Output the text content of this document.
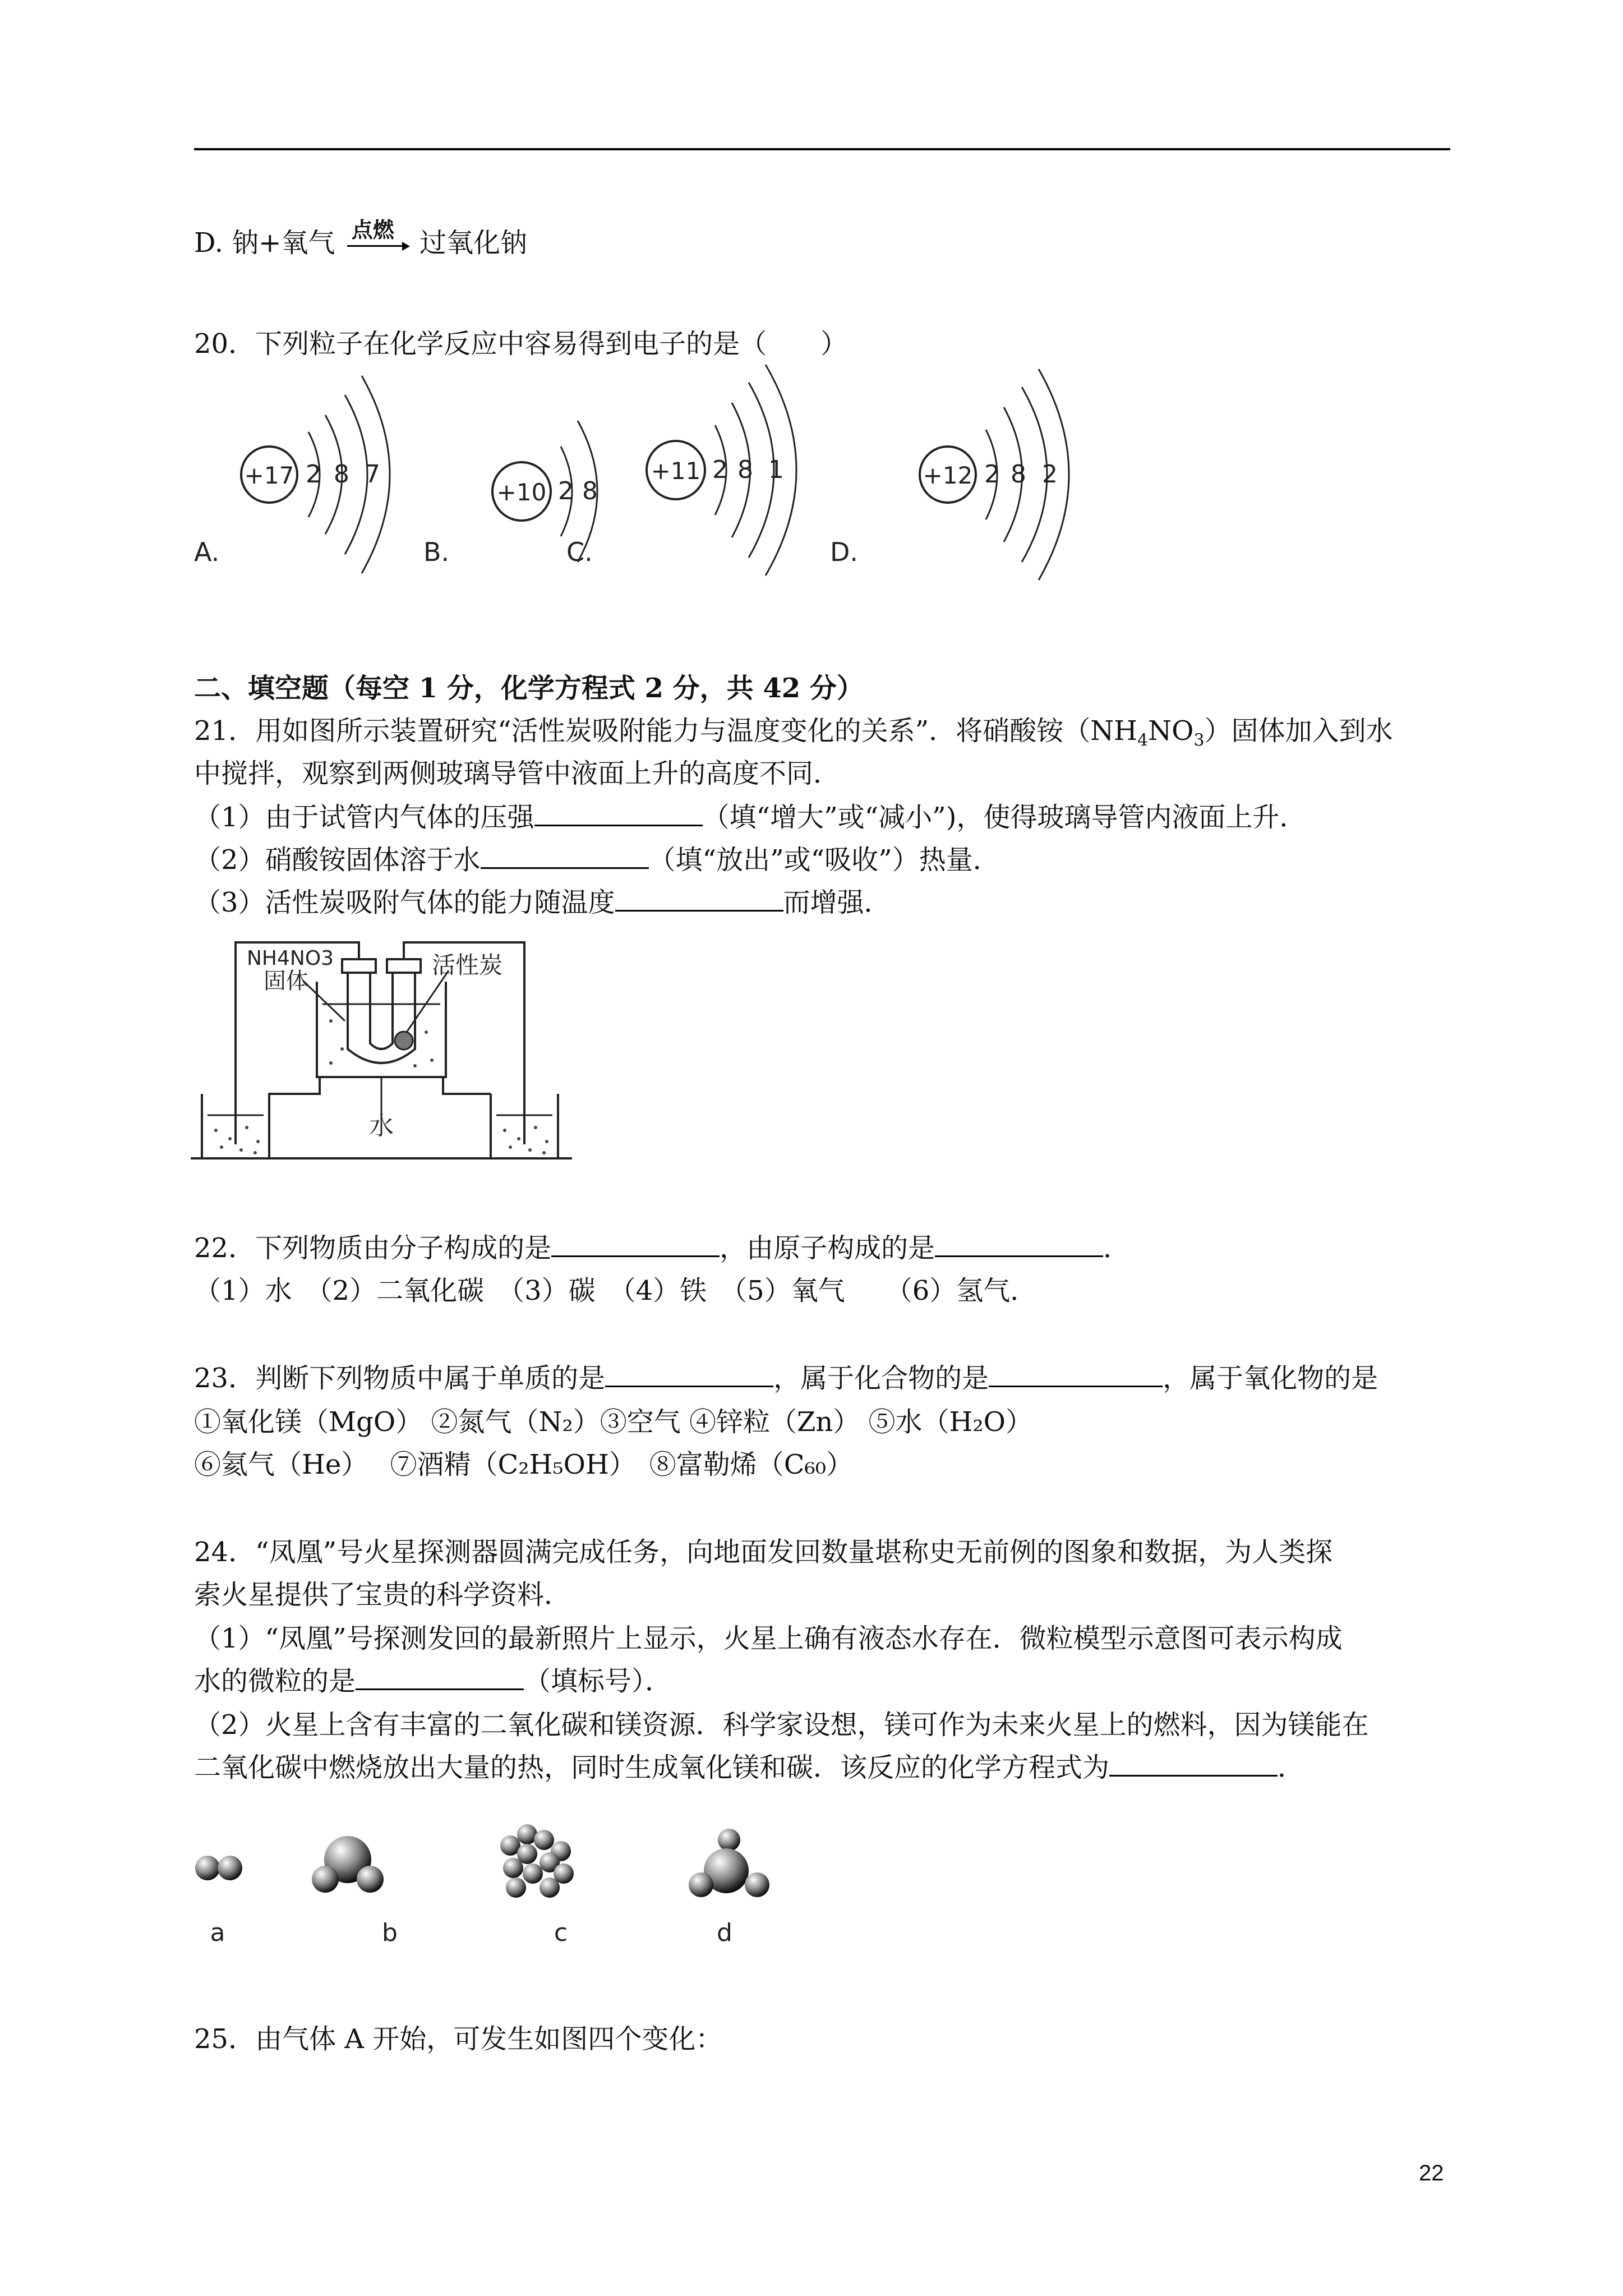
D. 钠+氧气 点燃 过氧化钠
20．下列粒子在化学反应中容易得到电子的是（　　）
+17 2 8 7
A.
+10 2 8
B.
+11 2 8 1
C.
+12 2 8 2
D.
二、填空题（每空 1 分，化学方程式 2 分，共 42 分）
21．用如图所示装置研究“活性炭吸附能力与温度变化的关系”．将硝酸铵$(NH_4NO_3)$固体加入到水
中搅拌，观察到两侧玻璃导管中液面上升的高度不同．
（1）由于试管内气体的压强	（填“增大”或“减小”)，使得玻璃导管内液面上升．
（2）硝酸铵固体溶于水	（填“放出”或“吸收”）热量．
（3）活性炭吸附气体的能力随温度	而增强．
水
NH4NO3
固体
活性炭
22．下列物质由分子构成的是	，由原子构成的是	．
（1）水　（2）二氧化碳　（3）碳　（4）铁　（5）氧气　　（6）氢气．
23．判断下列物质中属于单质的是	，属于化合物的是	，属于氧化物的是
①氧化镁（MgO） ②氮气（N₂）③空气 ④锌粒（Zn） ⑤水（H₂O）
⑥氦气（He）　 ⑦酒精（C₂H₅OH）　⑧富勒烯（C₆₀）
24．“凤凰”号火星探测器圆满完成任务，向地面发回数量堪称史无前例的图象和数据，为人类探
索火星提供了宝贵的科学资料．
（1）“凤凰”号探测发回的最新照片上显示，火星上确有液态水存在．微粒模型示意图可表示构成
水的微粒的是	（填标号）．
（2）火星上含有丰富的二氧化碳和镁资源．科学家设想，镁可作为未来火星上的燃料，因为镁能在
二氧化碳中燃烧放出大量的热，同时生成氧化镁和碳．该反应的化学方程式为	．
a	b	c	d
25．由气体 A 开始，可发生如图四个变化：
22
